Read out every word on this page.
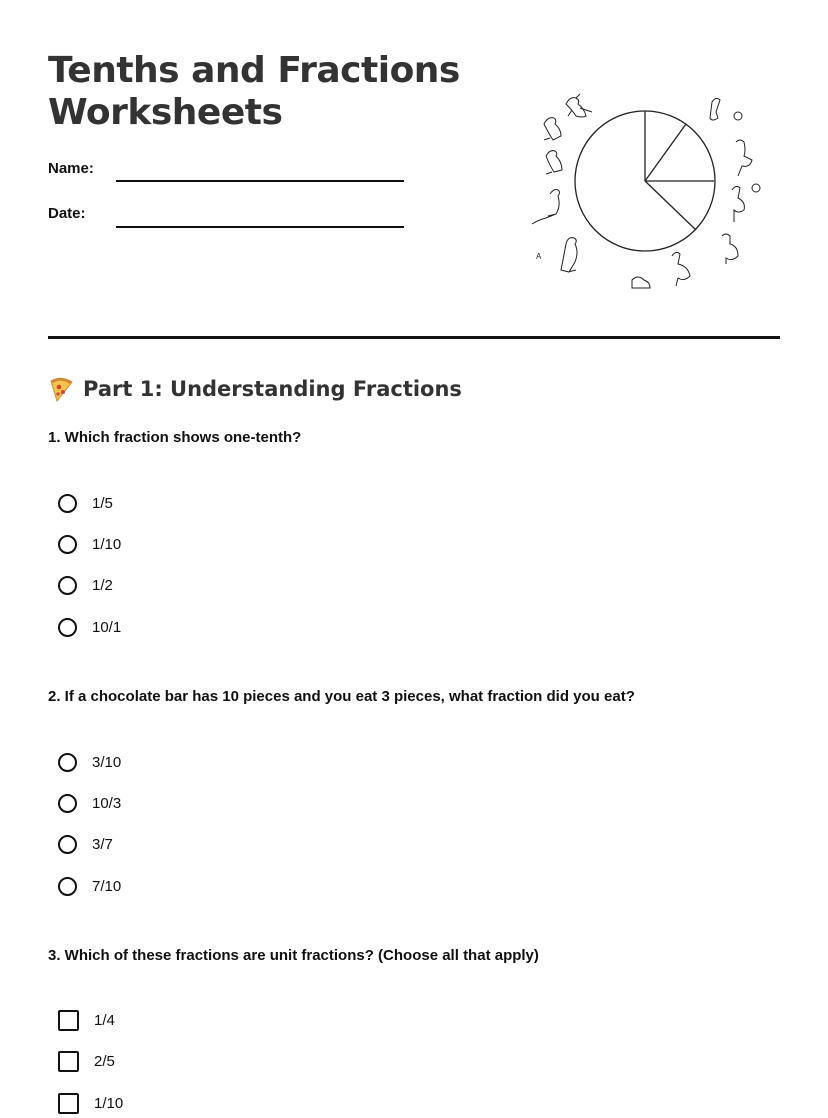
Tenths and Fractions
Worksheets
Name:
Date:
A
Part 1: Understanding Fractions

1. Which fraction shows one-tenth?

1/5
1/10
1/2
10/1

2. If a chocolate bar has 10 pieces and you eat 3 pieces, what fraction did you eat?

3/10
10/3
3/7
7/10

3. Which of these fractions are unit fractions? (Choose all that apply)

1/4
2/5
1/10
